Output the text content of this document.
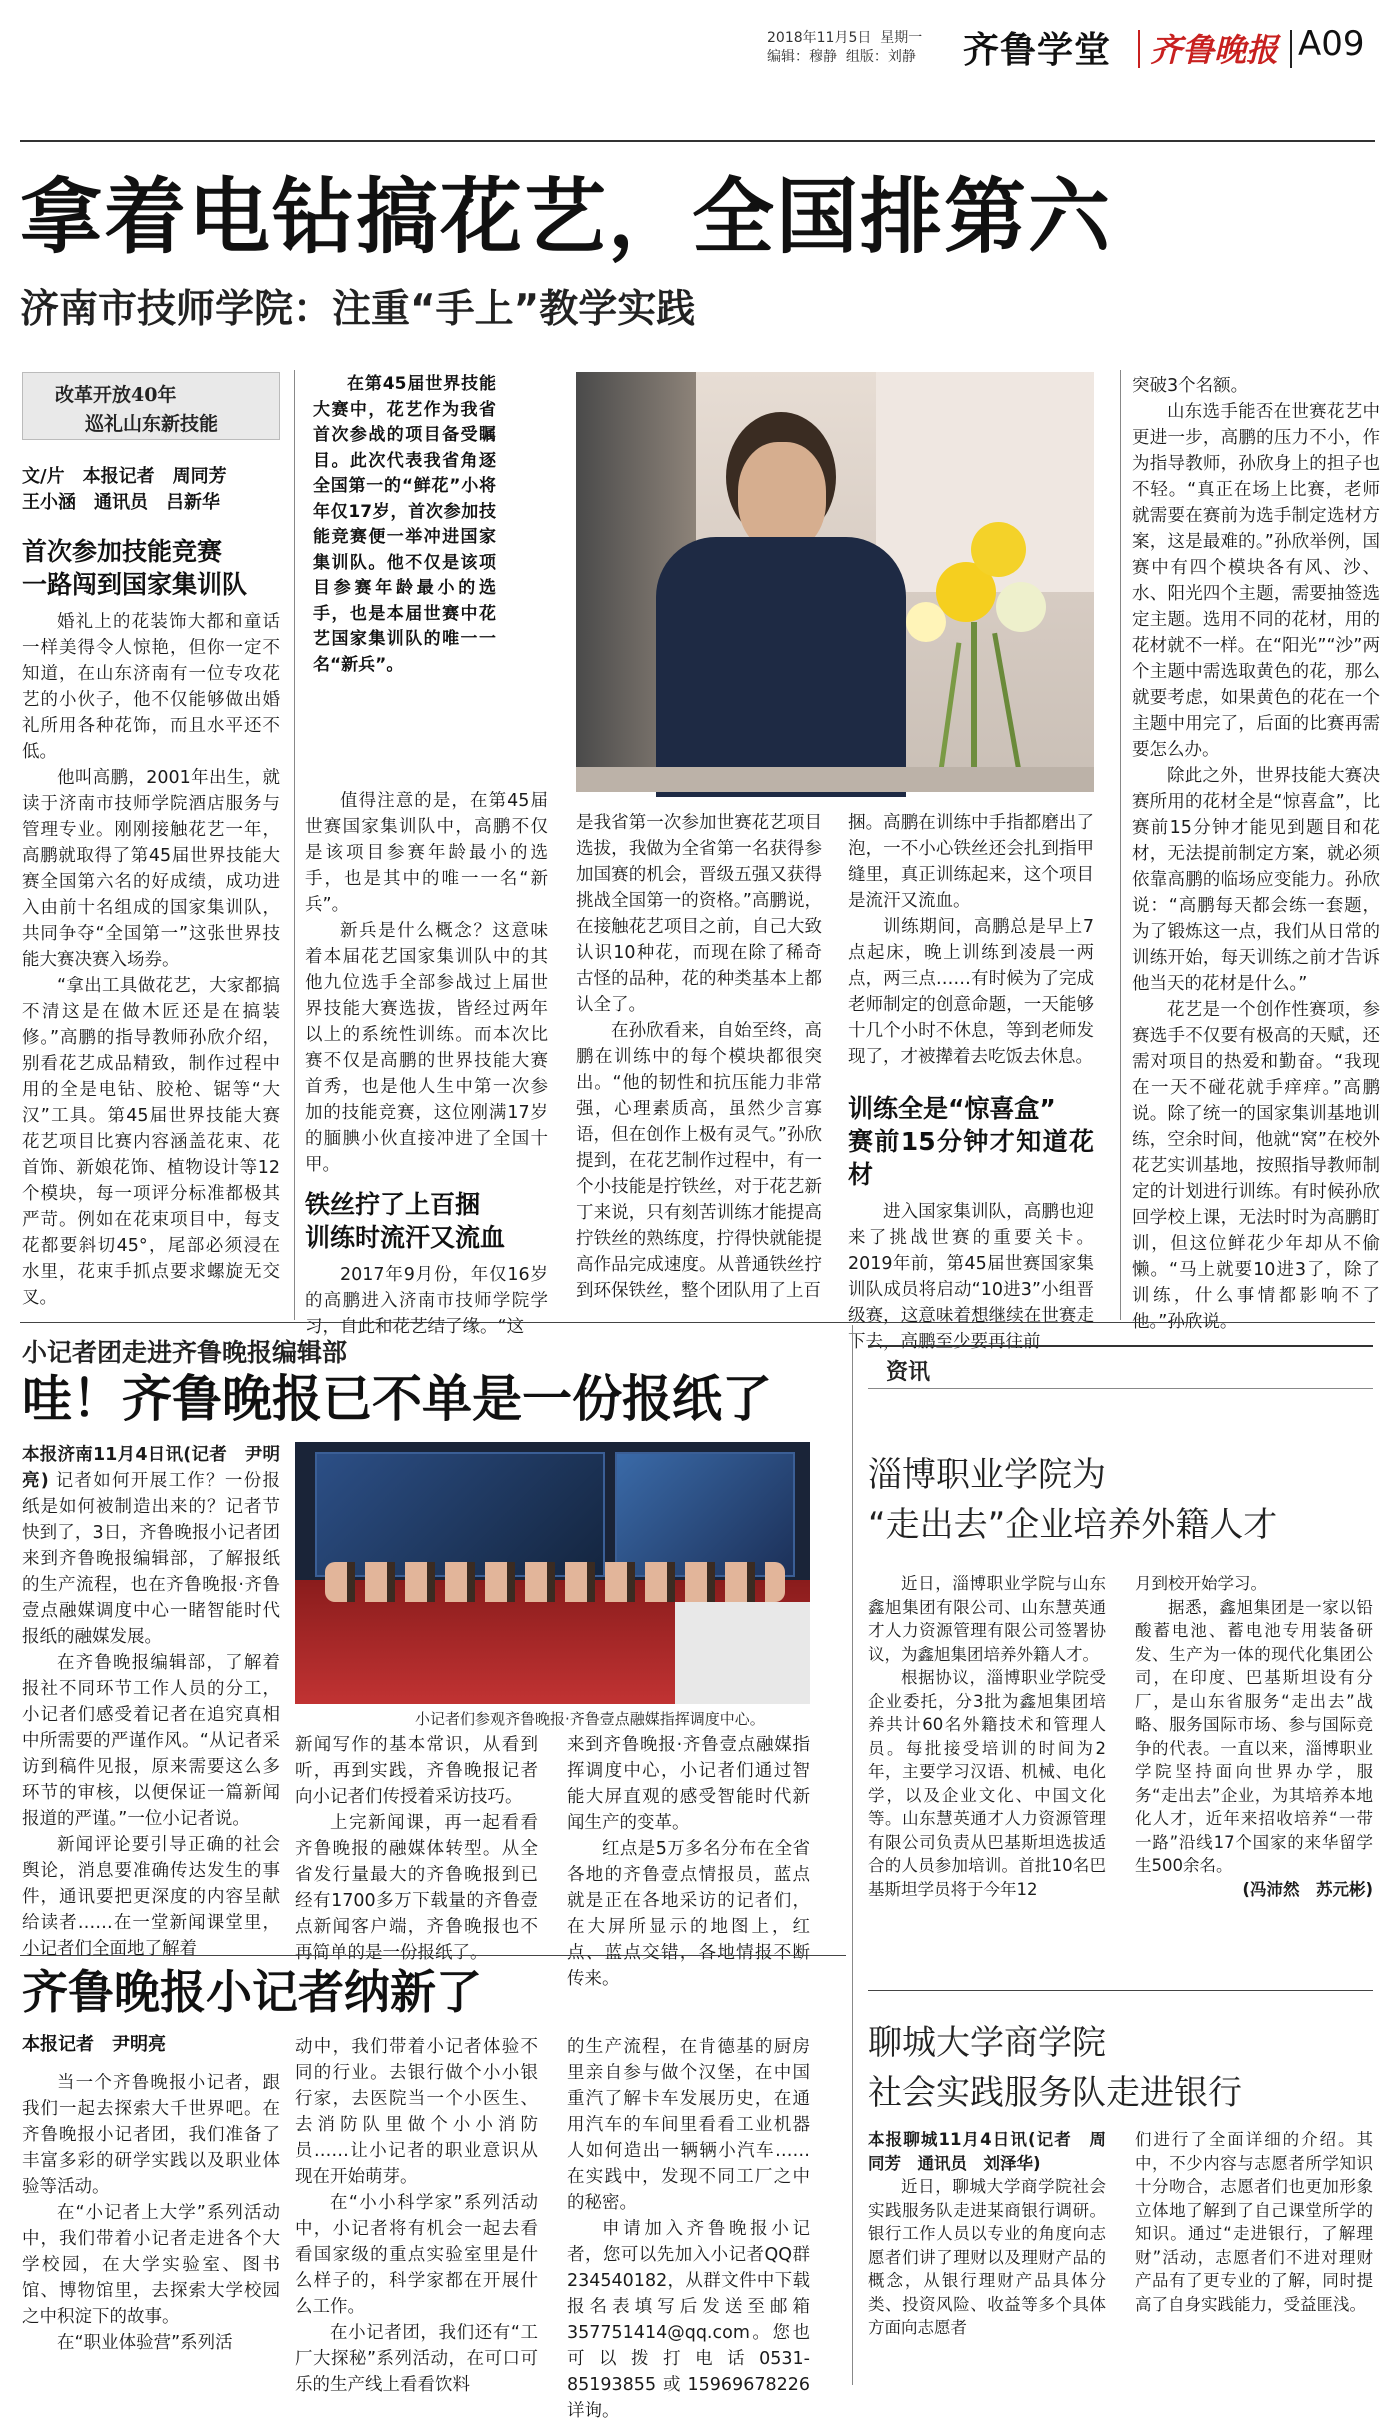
2018年11月5日 星期一
编辑：穆静 组版：刘静 齐鲁学堂 齐鲁晚报 A09
拿着电钻搞花艺，全国排第六
济南市技师学院：注重“手上”教学实践
改革开放40年
巡礼山东新技能
文/片　本报记者　周同芳
王小涵　通讯员　吕新华
在第45届世界技能大赛中，花艺作为我省首次参战的项目备受瞩目。此次代表我省角逐全国第一的“鲜花”小将年仅17岁，首次参加技能竞赛便一举冲进国家集训队。他不仅是该项目参赛年龄最小的选手，也是本届世赛中花艺国家集训队的唯一一名“新兵”。
首次参加技能竞赛
一路闯到国家集训队

婚礼上的花装饰大都和童话一样美得令人惊艳，但你一定不知道，在山东济南有一位专攻花艺的小伙子，他不仅能够做出婚礼所用各种花饰，而且水平还不低。

他叫高鹏，2001年出生，就读于济南市技师学院酒店服务与管理专业。刚刚接触花艺一年，高鹏就取得了第45届世界技能大赛全国第六名的好成绩，成功进入由前十名组成的国家集训队，共同争夺“全国第一”这张世界技能大赛决赛入场券。

“拿出工具做花艺，大家都搞不清这是在做木匠还是在搞装修。”高鹏的指导教师孙欣介绍，别看花艺成品精致，制作过程中用的全是电钻、胶枪、锯等“大汉”工具。第45届世界技能大赛花艺项目比赛内容涵盖花束、花首饰、新娘花饰、植物设计等12个模块，每一项评分标准都极其严苛。例如在花束项目中，每支花都要斜切45°，尾部必须浸在水里，花束手抓点要求螺旋无交叉。

值得注意的是，在第45届世赛国家集训队中，高鹏不仅是该项目参赛年龄最小的选手，也是其中的唯一一名“新兵”。

新兵是什么概念？这意味着本届花艺国家集训队中的其他九位选手全部参战过上届世界技能大赛选拔，皆经过两年以上的系统性训练。而本次比赛不仅是高鹏的世界技能大赛首秀，也是他人生中第一次参加的技能竞赛，这位刚满17岁的腼腆小伙直接冲进了全国十甲。

铁丝拧了上百捆
训练时流汗又流血

2017年9月份，年仅16岁的高鹏进入济南市技师学院学习，自此和花艺结了缘。“这

是我省第一次参加世赛花艺项目选拔，我做为全省第一名获得参加国赛的机会，晋级五强又获得挑战全国第一的资格。”高鹏说，在接触花艺项目之前，自己大致认识10种花，而现在除了稀奇古怪的品种，花的种类基本上都认全了。

在孙欣看来，自始至终，高鹏在训练中的每个模块都很突出。“他的韧性和抗压能力非常强，心理素质高，虽然少言寡语，但在创作上极有灵气。”孙欣提到，在花艺制作过程中，有一个小技能是拧铁丝，对于花艺新丁来说，只有刻苦训练才能提高拧铁丝的熟练度，拧得快就能提高作品完成速度。从普通铁丝拧到环保铁丝，整个团队用了上百

捆。高鹏在训练中手指都磨出了泡，一不小心铁丝还会扎到指甲缝里，真正训练起来，这个项目是流汗又流血。

训练期间，高鹏总是早上7点起床，晚上训练到凌晨一两点，两三点……有时候为了完成老师制定的创意命题，一天能够十几个小时不休息，等到老师发现了，才被撵着去吃饭去休息。

训练全是“惊喜盒”
赛前15分钟才知道花材

进入国家集训队，高鹏也迎来了挑战世赛的重要关卡。2019年前，第45届世赛国家集训队成员将启动“10进3”小组晋级赛，这意味着想继续在世赛走下去，高鹏至少要再往前

突破3个名额。

山东选手能否在世赛花艺中更进一步，高鹏的压力不小，作为指导教师，孙欣身上的担子也不轻。“真正在场上比赛，老师就需要在赛前为选手制定选材方案，这是最难的。”孙欣举例，国赛中有四个模块各有风、沙、水、阳光四个主题，需要抽签选定主题。选用不同的花材，用的花材就不一样。在“阳光”“沙”两个主题中需选取黄色的花，那么就要考虑，如果黄色的花在一个主题中用完了，后面的比赛再需要怎么办。

除此之外，世界技能大赛决赛所用的花材全是“惊喜盒”，比赛前15分钟才能见到题目和花材，无法提前制定方案，就必须依靠高鹏的临场应变能力。孙欣说：“高鹏每天都会练一套题，为了锻炼这一点，我们从日常的训练开始，每天训练之前才告诉他当天的花材是什么。”

花艺是一个创作性赛项，参赛选手不仅要有极高的天赋，还需对项目的热爱和勤奋。“我现在一天不碰花就手痒痒。”高鹏说。除了统一的国家集训基地训练，空余时间，他就“窝”在校外花艺实训基地，按照指导教师制定的计划进行训练。有时候孙欣回学校上课，无法时时为高鹏盯训，但这位鲜花少年却从不偷懒。“马上就要10进3了，除了训练，什么事情都影响不了他。”孙欣说。

小记者团走进齐鲁晚报编辑部
哇！齐鲁晚报已不单是一份报纸了

本报济南11月4日讯(记者　尹明亮) 记者如何开展工作？一份报纸是如何被制造出来的？记者节快到了，3日，齐鲁晚报小记者团来到齐鲁晚报编辑部，了解报纸的生产流程，也在齐鲁晚报·齐鲁壹点融媒调度中心一睹智能时代报纸的融媒发展。

在齐鲁晚报编辑部，了解着报社不同环节工作人员的分工，小记者们感受着记者在追究真相中所需要的严谨作风。“从记者采访到稿件见报，原来需要这么多环节的审核，以便保证一篇新闻报道的严谨。”一位小记者说。

新闻评论要引导正确的社会舆论，消息要准确传达发生的事件，通讯要把更深度的内容呈献给读者……在一堂新闻课堂里，小记者们全面地了解着

小记者们参观齐鲁晚报·齐鲁壹点融媒指挥调度中心。

新闻写作的基本常识，从看到听，再到实践，齐鲁晚报记者向小记者们传授着采访技巧。

上完新闻课，再一起看看齐鲁晚报的融媒体转型。从全省发行量最大的齐鲁晚报到已经有1700多万下载量的齐鲁壹点新闻客户端，齐鲁晚报也不再简单的是一份报纸了。

来到齐鲁晚报·齐鲁壹点融媒指挥调度中心，小记者们通过智能大屏直观的感受智能时代新闻生产的变革。

红点是5万多名分布在全省各地的齐鲁壹点情报员，蓝点就是正在各地采访的记者们，在大屏所显示的地图上，红点、蓝点交错，各地情报不断传来。

齐鲁晚报小记者纳新了
本报记者　尹明亮

当一个齐鲁晚报小记者，跟我们一起去探索大千世界吧。在齐鲁晚报小记者团，我们准备了丰富多彩的研学实践以及职业体验等活动。

在“小记者上大学”系列活动中，我们带着小记者走进各个大学校园，在大学实验室、图书馆、博物馆里，去探索大学校园之中积淀下的故事。

在“职业体验营”系列活

动中，我们带着小记者体验不同的行业。去银行做个小小银行家，去医院当一个小医生、去消防队里做个小小消防员……让小记者的职业意识从现在开始萌芽。

在“小小科学家”系列活动中，小记者将有机会一起去看看国家级的重点实验室里是什么样子的，科学家都在开展什么工作。

在小记者团，我们还有“工厂大探秘”系列活动，在可口可乐的生产线上看看饮料

的生产流程，在肯德基的厨房里亲自参与做个汉堡，在中国重汽了解卡车发展历史，在通用汽车的车间里看看工业机器人如何造出一辆辆小汽车……在实践中，发现不同工厂之中的秘密。

申请加入齐鲁晚报小记者，您可以先加入小记者QQ群234540182，从群文件中下载报名表填写后发送至邮箱357751414@qq.com。您也可以拨打电话0531-85193855或15969678226详询。

资讯
淄博职业学院为
“走出去”企业培养外籍人才

近日，淄博职业学院与山东鑫旭集团有限公司、山东慧英通才人力资源管理有限公司签署协议，为鑫旭集团培养外籍人才。

根据协议，淄博职业学院受企业委托，分3批为鑫旭集团培养共计60名外籍技术和管理人员。每批接受培训的时间为2年，主要学习汉语、机械、电化学，以及企业文化、中国文化等。山东慧英通才人力资源管理有限公司负责从巴基斯坦选拔适合的人员参加培训。首批10名巴基斯坦学员将于今年12

月到校开始学习。

据悉，鑫旭集团是一家以铅酸蓄电池、蓄电池专用装备研发、生产为一体的现代化集团公司，在印度、巴基斯坦设有分厂，是山东省服务“走出去”战略、服务国际市场、参与国际竞争的代表。一直以来，淄博职业学院坚持面向世界办学，服务“走出去”企业，为其培养本地化人才，近年来招收培养“一带一路”沿线17个国家的来华留学生500余名。

(冯沛然　苏元彬)

聊城大学商学院
社会实践服务队走进银行

本报聊城11月4日讯(记者　周同芳　通讯员　刘泽华)

近日，聊城大学商学院社会实践服务队走进某商银行调研。银行工作人员以专业的角度向志愿者们讲了理财以及理财产品的概念，从银行理财产品具体分类、投资风险、收益等多个具体方面向志愿者

们进行了全面详细的介绍。其中，不少内容与志愿者所学知识十分吻合，志愿者们也更加形象立体地了解到了自己课堂所学的知识。通过“走进银行，了解理财”活动，志愿者们不进对理财产品有了更专业的了解，同时提高了自身实践能力，受益匪浅。
